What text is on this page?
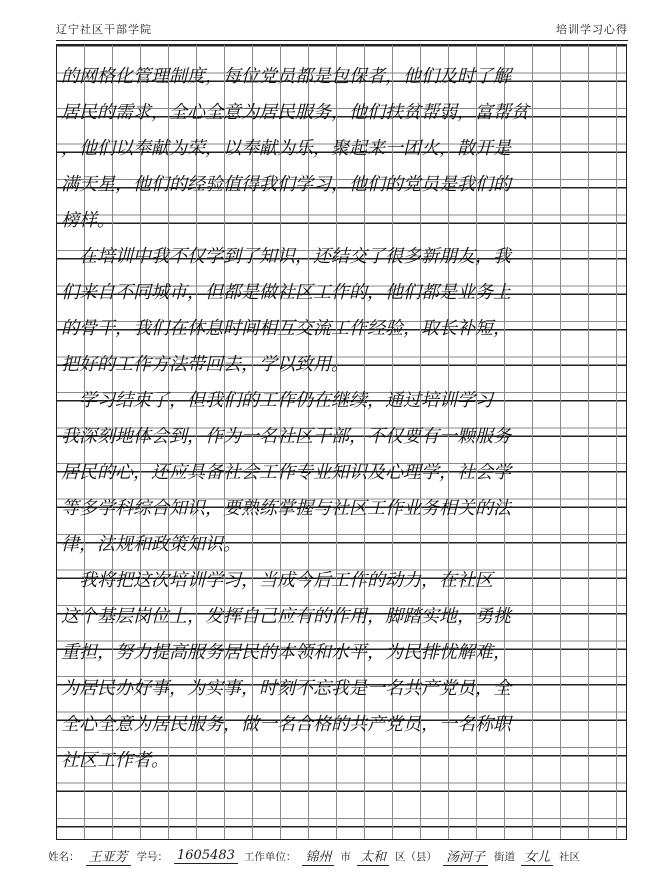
辽宁社区干部学院	培训学习心得
的网格化管理制度，每位党员都是包保者，他们及时了解
居民的需求，全心全意为居民服务，他们扶贫帮弱，富帮贫
，他们以奉献为荣，以奉献为乐，聚起来一团火，散开是
满天星，他们的经验值得我们学习，他们的党员是我们的
榜样。
　在培训中我不仅学到了知识，还结交了很多新朋友，我
们来自不同城市，但都是做社区工作的，他们都是业务上
的骨干，我们在休息时间相互交流工作经验，取长补短，
把好的工作方法带回去，学以致用。
　学习结束了，但我们的工作仍在继续，通过培训学习
我深刻地体会到，作为一名社区干部，不仅要有一颗服务
居民的心，还应具备社会工作专业知识及心理学，社会学
等多学科综合知识，要熟练掌握与社区工作业务相关的法
律，法规和政策知识。
　我将把这次培训学习，当成今后工作的动力，在社区
这个基层岗位上，发挥自己应有的作用，脚踏实地，勇挑
重担，努力提高服务居民的本领和水平，为民排忧解难，
为居民办好事，为实事，时刻不忘我是一名共产党员，全
全心全意为居民服务，做一名合格的共产党员，一名称职
社区工作者。
姓名： 王亚芳 学号： 1605483 工作单位： 锦州 市 太和 区（县） 汤河子 街道 女儿 社区
